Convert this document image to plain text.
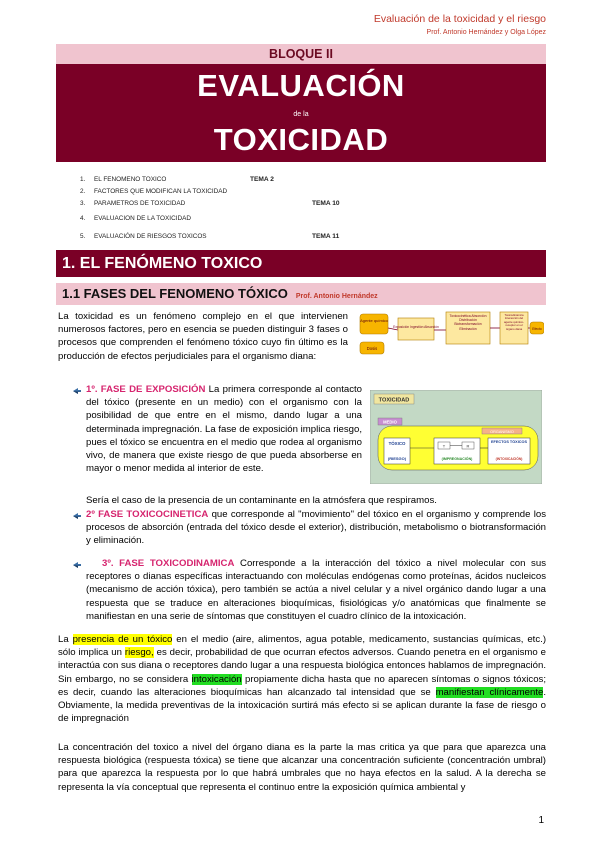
Evaluación de la toxicidad y el riesgo
Prof. Antonio Hernández y Olga López
BLOQUE II
EVALUACIÓN
de la
TOXICIDAD
1. EL FENOMENO TOXICO	TEMA 2
2. FACTORES QUE MODIFICAN LA TOXICIDAD
3. PARAMETROS DE TOXICIDAD	TEMA 10
4. EVALUACION DE LA TOXICIDAD
5. EVALUACIÓN DE RIESGOS TOXICOS	TEMA 11
1. EL FENÓMENO TOXICO
1.1 FASES DEL FENOMENO TÓXICO Prof. Antonio Hernández
La toxicidad es un fenómeno complejo en el que intervienen numerosos factores, pero en esencia se pueden distinguir 3 fases o procesos que comprenden el fenómeno tóxico cuyo fin último es la producción de efectos perjudiciales para el organismo diana:
Agente químico
Dosis
Exposición Ingestión Absorción
Toxicocinética Absorción Distribución Biotransformación Eliminación
Toxicodinámica Interacción del agente químico-receptor en el órgano diana	Efecto
TOXICIDAD
MEDIO
ORGANISMO
TÓXICO
(RIESGO)
T	R
(IMPREGNACIÓN)
EFECTOS TÓXICOS
(INTOXICACIÓN)
1º. FASE DE EXPOSICIÓN La primera corresponde al contacto del tóxico (presente en un medio) con el organismo con la posibilidad de que entre en el mismo, dando lugar a una determinada impregnación. La fase de exposición implica riesgo, pues el tóxico se encuentra en el medio que rodea al organismo vivo, de manera que existe riesgo de que pueda absorberse en mayor o menor medida al interior de este.
Sería el caso de la presencia de un contaminante en la atmósfera que respiramos.
2º FASE TOXICOCINETICA que corresponde al "movimiento" del tóxico en el organismo y comprende los procesos de absorción (entrada del tóxico desde el exterior), distribución, metabolismo o biotransformación y eliminación.
3º. FASE TOXICODINAMICA Corresponde a la interacción del tóxico a nivel molecular con sus receptores o dianas específicas interactuando con moléculas endógenas como proteínas, ácidos nucleicos (mecanismo de acción tóxica), pero también se actúa a nivel celular y a nivel orgánico dando lugar a una respuesta que se traduce en alteraciones bioquímicas, fisiológicas y/o anatómicas que finalmente se manifiestan en una serie de síntomas que constituyen el cuadro clínico de la intoxicación.
La presencia de un tóxico en el medio (aire, alimentos, agua potable, medicamento, sustancias químicas, etc.) sólo implica un riesgo, es decir, probabilidad de que ocurran efectos adversos. Cuando penetra en el organismo e interactúa con sus diana o receptores dando lugar a una respuesta biológica entonces hablamos de impregnación. Sin embargo, no se considera intoxicación propiamente dicha hasta que no aparecen síntomas o signos tóxicos; es decir, cuando las alteraciones bioquímicas han alcanzado tal intensidad que se manifiestan clínicamente. Obviamente, la medida preventivas de la intoxicación surtirá más efecto si se aplican durante la fase de riesgo o de impregnación
La concentración del toxico a nivel del órgano diana es la parte la mas critica ya que para que aparezca una respuesta biológica (respuesta tóxica) se tiene que alcanzar una concentración suficiente (concentración umbral) para que aparezca la respuesta por lo que habrá umbrales que no haya efectos en la salud. A la derecha se representa la vía conceptual que representa el continuo entre la exposición química ambiental y
1
